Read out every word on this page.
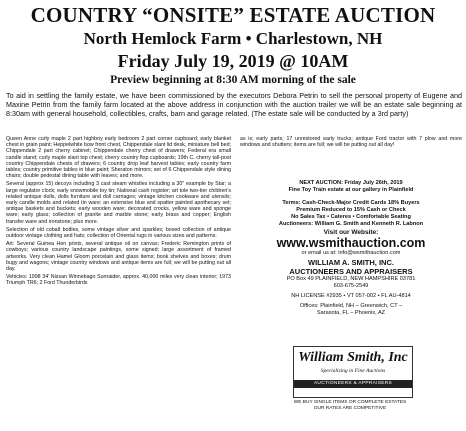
COUNTRY “ONSITE” ESTATE AUCTION
North Hemlock Farm • Charlestown, NH
Friday July 19, 2019 @ 10AM
Preview beginning at 8:30 AM morning of the sale
To aid in settling the family estate, we have been commissioned by the executors Debora Petrin to sell the personal property of Eugene and Maxine Petrin from the family farm located at the above address in conjunction with the auction trailer we will be an estate sale beginning at 8:30am with general household, collectibles, crafts, barn and garage related. (The estate sale will be conducted by a 3rd party)

Queen Anne curly maple 2 part highboy early bedroom 2 part corner cupboard; early blanket chest in grain paint; Heppelwhite bow front chest, Chippendale slant lid desk, miniature bell bed; Chippendale 2 part cherry cabinet; Chippendale cherry chest of drawers; Federal era small candle stand; curly maple slant top chest; cherry country flop cupboards; 19th C. cherry tall-post country Chippendale chests of drawers; 6 country drop leaf harvest tables; early country farm tables; country primitive tables in blue paint; Sheraton mirrors; set of 6 Chippendale style dining chairs; double pedestal dining table with leaves; and more.

Several (approx 15) decoys including 3 cast steam whistles including a 30" example by Star; a large regulator clock; early snowmobile toy tin; National cash register; art tole two-tier children's related antique dolls, dolls furniture and doll carriages; vintage kitchen cookware and utensils; early candle molds and related tin ware; an extensive blue and spatter painted apothecary set; antique baskets and buckets; early wooden ware; decorated crocks, yellow ware and sponge ware; early glass; collection of granite and marble stone; early brass and copper; English transfer ware and ironstone; plus more.

Selection of old cobalt bottles, some vintage silver and sparkles; boxed collection of antique outdoor vintage clothing and hats; collection of Oriental rugs in various sizes and patterns.

Art: Several Guinea Hen prints, several antique oil on canvas; Frederic Remington prints of cowboys; various country landscape paintings, some signed; large assortment of framed artworks. Very clean Hamel Gloom porcelain and glass items; book shelves and boxes; drum bugy and wagons; vintage country windows and antique items are full; we will be putting out all day.

Vehicles: 1998 34' Nissan Winnebago Sunraider, approx. 40,000 miles very clean interior; 1973 Triumph TR6; 2 Ford Thunderbirds

as is; early parts; 17 unrestored early trucks; antique Ford tractor with 7 plow and more windows and shutters; items are full; we will be putting out all day!
NEXT AUCTION: Friday July 26th, 2019
Fine Toy Train estate at our gallery in Plainfield
Terms: Cash-Check-Major Credit Cards 18% Buyers
Premium Reduced to 15% Cash or Check
No Sales Tax • Cateres • Comfortable Seating
Auctioneers: William G. Smith and Kenneth R. Labnon
Visit our Website:
www.wsmithauction.com
or email us at: info@wsmithauction.com
WILLIAM A. SMITH, INC.
AUCTIONEERS AND APPRAISERS
PO Box 49 PLAINFIELD, NEW HAMPSHIRE 03781
603-675-2549
NH LICENSE #2935 • VT 057-002 • FL AU-4814
Offices: Plainfield, NH – Greenwich, CT –
Sarasota, FL – Phoenix, AZ
William Smith, Inc
Specializing in Fine Auctions
AUCTIONEERS & APPRAISERS
WE BUY SINGLE ITEMS OR COMPLETE ESTATES
OUR RATES ARE COMPETITIVE
